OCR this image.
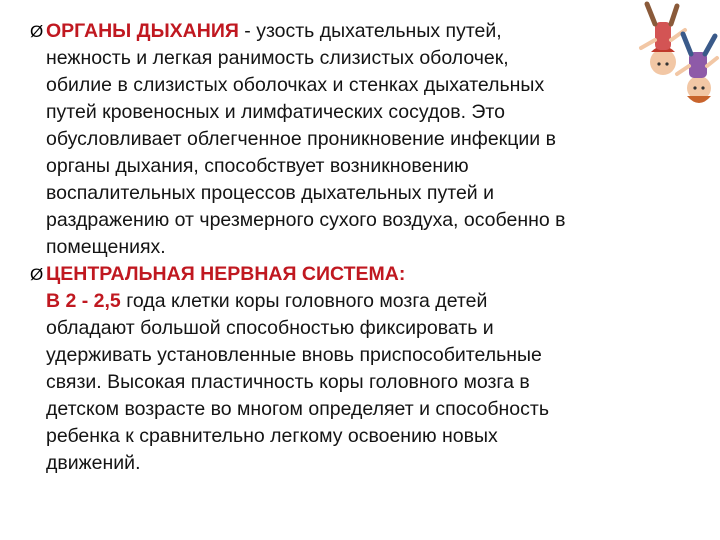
Ø ОРГАНЫ ДЫХАНИЯ - узость дыхательных путей,
нежность и легкая ранимость слизистых оболочек,
обилие в слизистых оболочках и стенках дыхательных
путей кровеносных и лимфатических сосудов. Это
обусловливает облегченное проникновение инфекции в
органы дыхания, способствует возникновению
воспалительных процессов дыхательных путей и
раздражению от чрезмерного сухого воздуха, особенно в
помещениях.
Ø ЦЕНТРАЛЬНАЯ НЕРВНАЯ СИСТЕМА:
В 2 - 2,5 года клетки коры головного мозга детей
обладают большой способностью фиксировать и
удерживать установленные вновь приспособительные
связи. Высокая пластичность коры головного мозга в
детском возрасте во многом определяет и способность
ребенка к сравнительно легкому освоению новых
движений.
